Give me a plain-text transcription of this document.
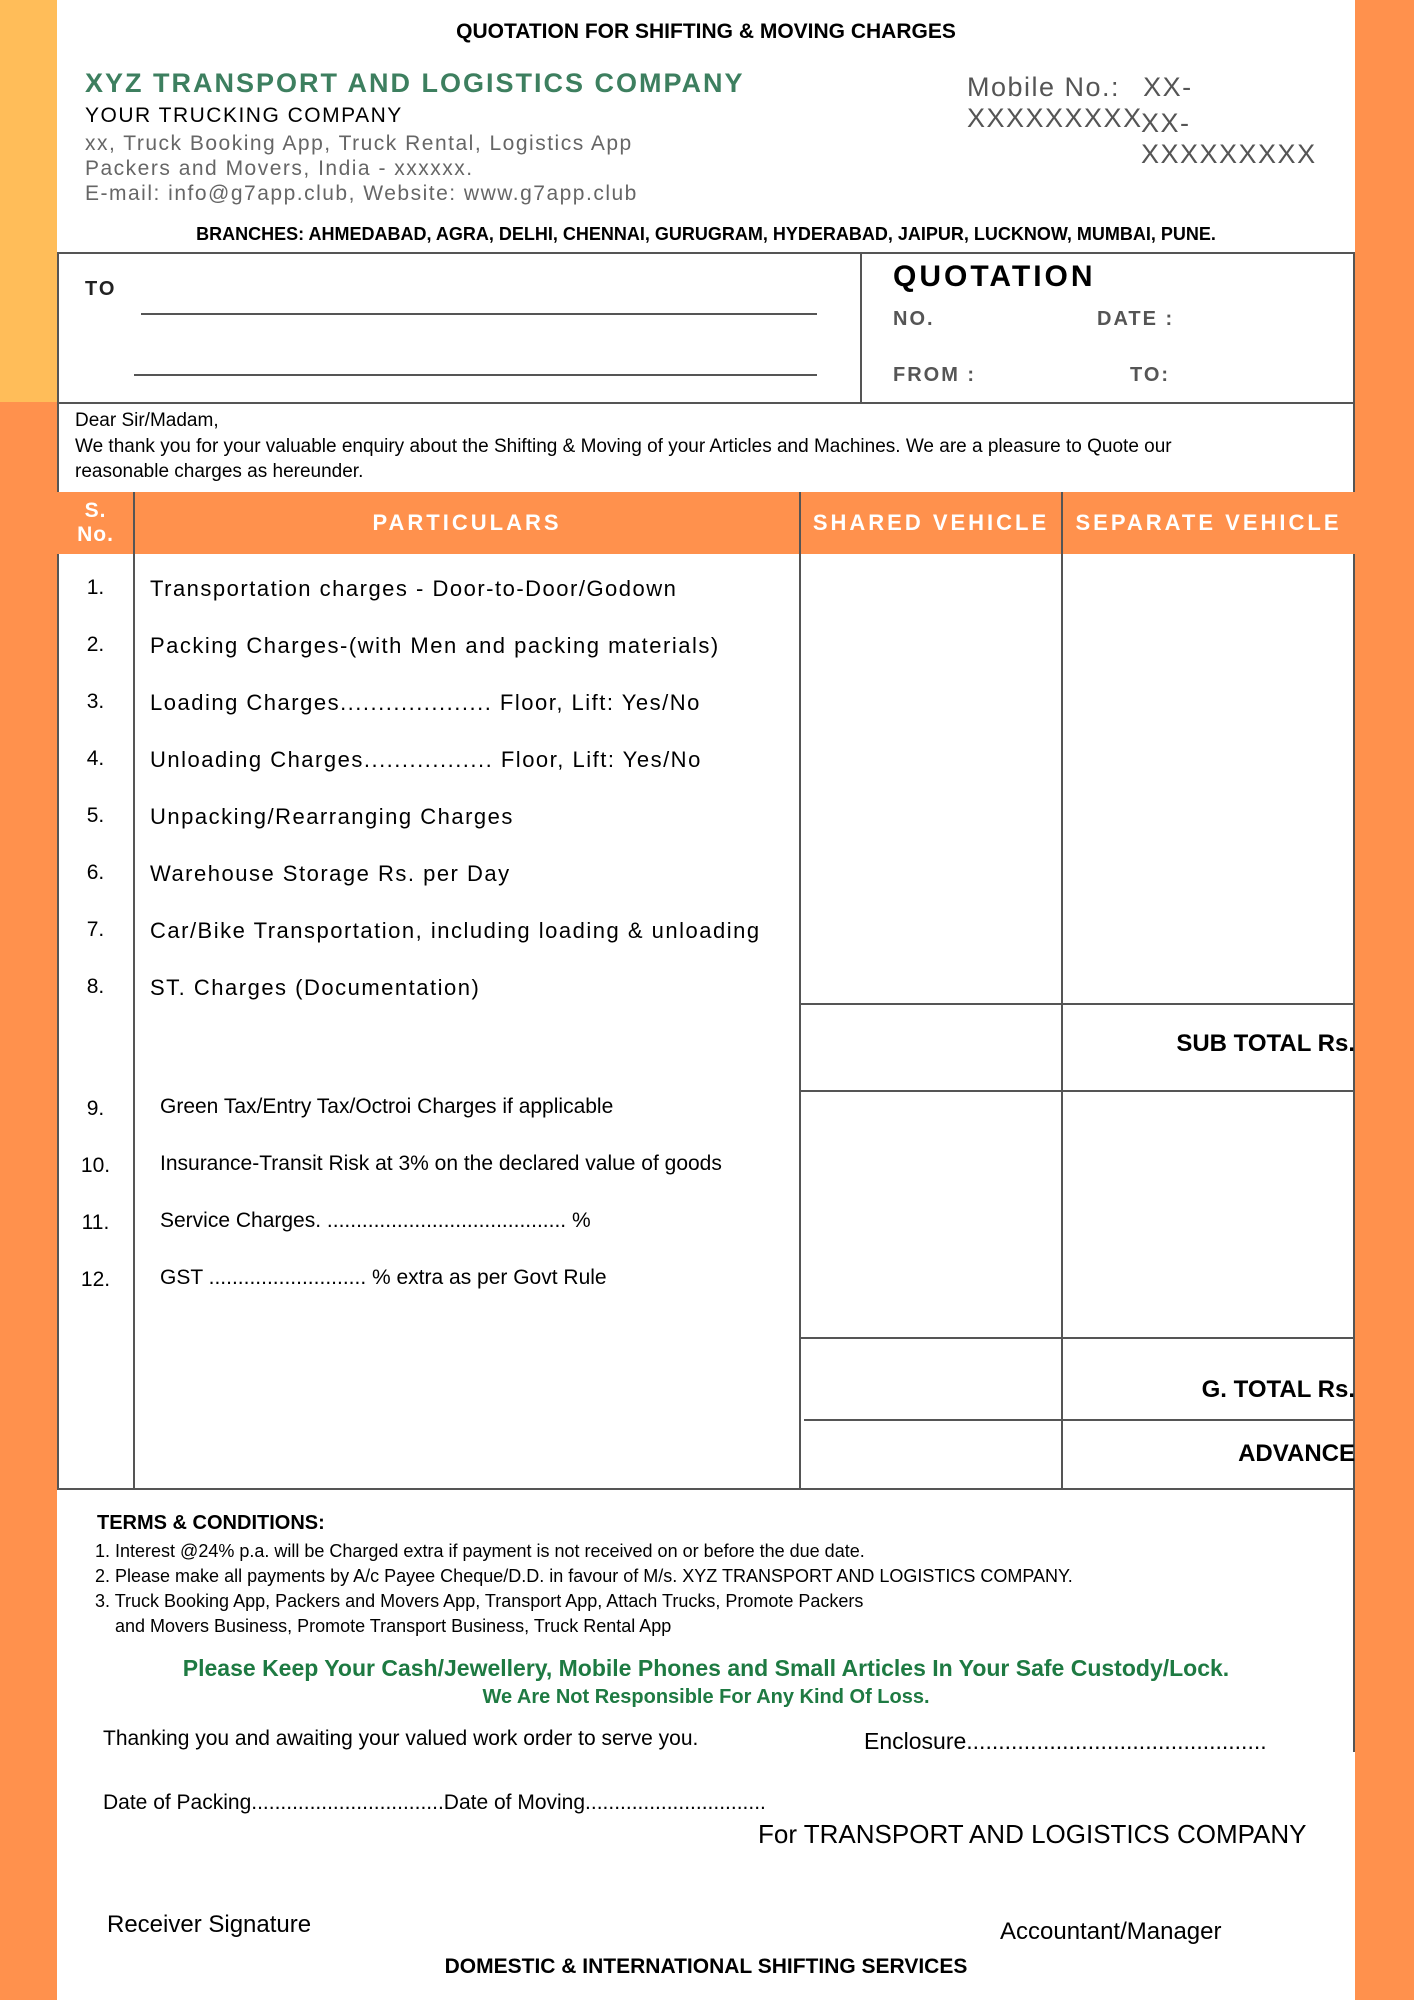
QUOTATION FOR SHIFTING & MOVING CHARGES
XYZ TRANSPORT AND LOGISTICS COMPANY
YOUR TRUCKING COMPANY
xx, Truck Booking App, Truck Rental, Logistics App
Packers and Movers, India - xxxxxx.
E-mail: info@g7app.club, Website: www.g7app.club
Mobile No.: XX-XXXXXXXXX
XX-XXXXXXXXX
BRANCHES: AHMEDABAD, AGRA, DELHI, CHENNAI, GURUGRAM, HYDERABAD, JAIPUR, LUCKNOW, MUMBAI, PUNE.
TO	QUOTATION
NO.	DATE :
FROM :	TO:
Dear Sir/Madam,
We thank you for your valuable enquiry about the Shifting & Moving of your Articles and Machines. We are a pleasure to Quote our
reasonable charges as hereunder.
S.
No.	PARTICULARS	SHARED VEHICLE	SEPARATE VEHICLE
1.	Transportation charges - Door-to-Door/Godown
2.	Packing Charges-(with Men and packing materials)
3.	Loading Charges.................... Floor, Lift: Yes/No
4.	Unloading Charges................. Floor, Lift: Yes/No
5.	Unpacking/Rearranging Charges
6.	Warehouse Storage Rs. per Day
7.	Car/Bike Transportation, including loading & unloading
8.	ST. Charges (Documentation)
SUB TOTAL Rs.
9.	Green Tax/Entry Tax/Octroi Charges if applicable
10.	Insurance-Transit Risk at 3% on the declared value of goods
11.	Service Charges. ......................................... %
12.	GST ........................... % extra as per Govt Rule
G. TOTAL Rs.
ADVANCE
TERMS & CONDITIONS:
1. Interest @24% p.a. will be Charged extra if payment is not received on or before the due date.
2. Please make all payments by A/c Payee Cheque/D.D. in favour of M/s. XYZ TRANSPORT AND LOGISTICS COMPANY.
3. Truck Booking App, Packers and Movers App, Transport App, Attach Trucks, Promote Packers
and Movers Business, Promote Transport Business, Truck Rental App
Please Keep Your Cash/Jewellery, Mobile Phones and Small Articles In Your Safe Custody/Lock.
We Are Not Responsible For Any Kind Of Loss.
Thanking you and awaiting your valued work order to serve you.	Enclosure...............................................
Date of Packing.................................Date of Moving...............................
For TRANSPORT AND LOGISTICS COMPANY
Receiver Signature	Accountant/Manager
DOMESTIC & INTERNATIONAL SHIFTING SERVICES
